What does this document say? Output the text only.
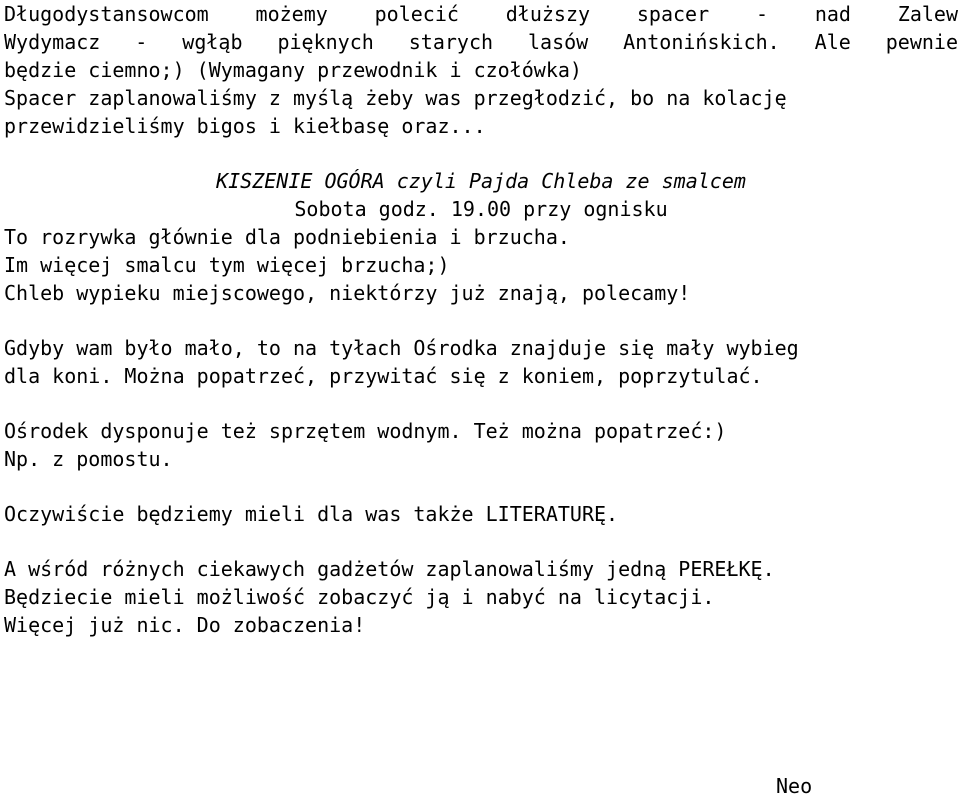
Długodystansowcom możemy polecić dłuższy spacer - nad Zalew
Wydymacz - wgłąb pięknych starych lasów Antonińskich. Ale pewnie
będzie ciemno;) (Wymagany przewodnik i czołówka)
Spacer zaplanowaliśmy z myślą żeby was przegłodzić, bo na kolację
przewidzieliśmy bigos i kiełbasę oraz...
KISZENIE OGÓRA czyli Pajda Chleba ze smalcem
Sobota godz. 19.00 przy ognisku
To rozrywka głównie dla podniebienia i brzucha.
Im więcej smalcu tym więcej brzucha;)
Chleb wypieku miejscowego, niektórzy już znają, polecamy!
Gdyby wam było mało, to na tyłach Ośrodka znajduje się mały wybieg
dla koni. Można popatrzeć, przywitać się z koniem, poprzytulać.
Ośrodek dysponuje też sprzętem wodnym. Też można popatrzeć:)
Np. z pomostu.
Oczywiście będziemy mieli dla was także LITERATURĘ.
A wśród różnych ciekawych gadżetów zaplanowaliśmy jedną PEREŁKĘ.
Będziecie mieli możliwość zobaczyć ją i nabyć na licytacji.
Więcej już nic. Do zobaczenia!
Neo
